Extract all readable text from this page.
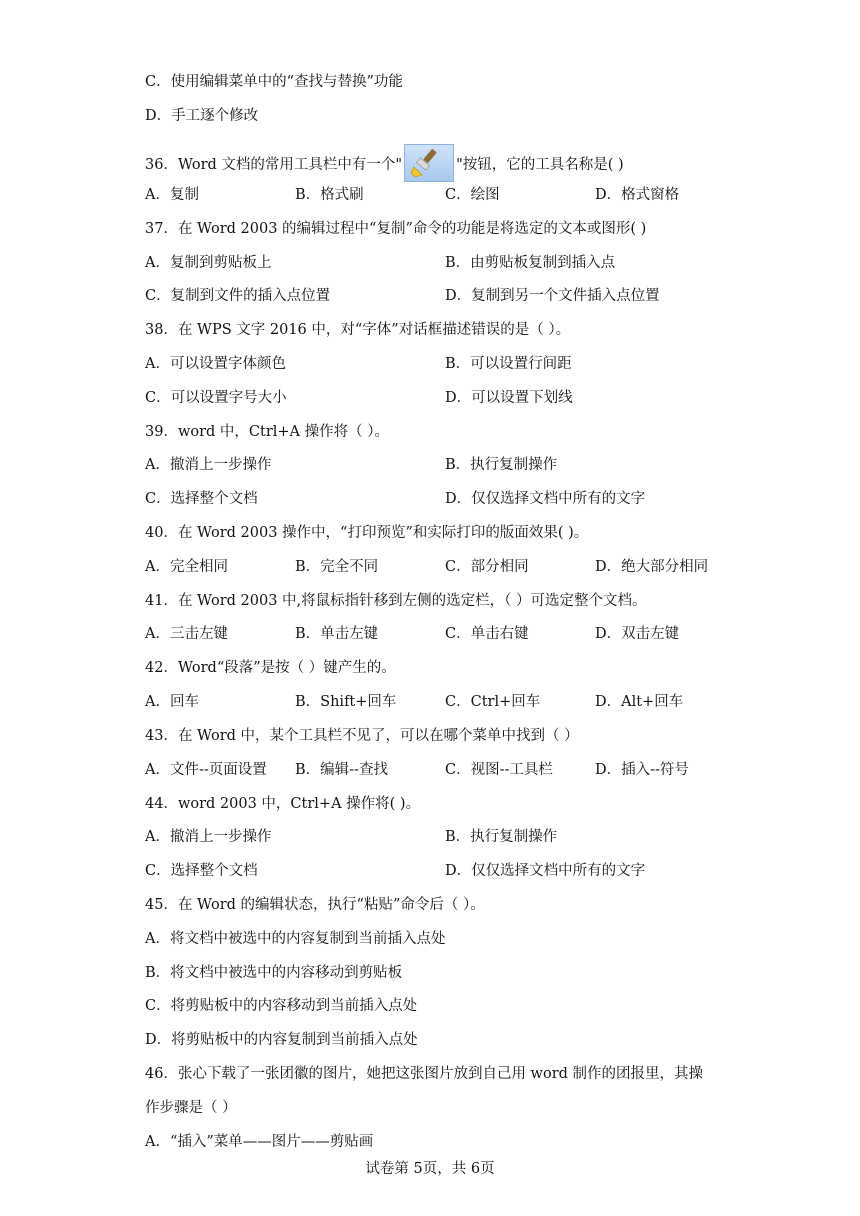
C．使用编辑菜单中的“查找与替换”功能
D．手工逐个修改
36．Word 文档的常用工具栏中有一个"	"按钮，它的工具名称是( )
A．复制	B．格式刷	C．绘图	D．格式窗格
37．在 Word 2003 的编辑过程中“复制”命令的功能是将选定的文本或图形( )
A．复制到剪贴板上	B．由剪贴板复制到插入点
C．复制到文件的插入点位置	D．复制到另一个文件插入点位置
38．在 WPS 文字 2016 中，对“字体”对话框描述错误的是（ ）。
A．可以设置字体颜色	B．可以设置行间距
C．可以设置字号大小	D．可以设置下划线
39．word 中，Ctrl+A 操作将（ ）。
A．撤消上一步操作	B．执行复制操作
C．选择整个文档	D．仅仅选择文档中所有的文字
40．在 Word 2003 操作中，“打印预览”和实际打印的版面效果( )。
A．完全相同	B．完全不同	C．部分相同	D．绝大部分相同
41．在 Word 2003 中,将鼠标指针移到左侧的选定栏，（ ）可选定整个文档。
A．三击左键	B．单击左键	C．单击右键	D．双击左键
42．Word“段落”是按（ ）键产生的。
A．回车	B．Shift+回车	C．Ctrl+回车	D．Alt+回车
43．在 Word 中，某个工具栏不见了，可以在哪个菜单中找到（ ）
A．文件--页面设置 B．编辑--查找	C．视图--工具栏	D．插入--符号
44．word 2003 中，Ctrl+A 操作将( )。
A．撤消上一步操作	B．执行复制操作
C．选择整个文档	D．仅仅选择文档中所有的文字
45．在 Word 的编辑状态，执行“粘贴”命令后（ ）。
A．将文档中被选中的内容复制到当前插入点处
B．将文档中被选中的内容移动到剪贴板
C．将剪贴板中的内容移动到当前插入点处
D．将剪贴板中的内容复制到当前插入点处
46．张心下载了一张团徽的图片，她把这张图片放到自己用 word 制作的团报里，其操
作步骤是（ ）
A．“插入”菜单——图片——剪贴画
试卷第 5页，共 6页
